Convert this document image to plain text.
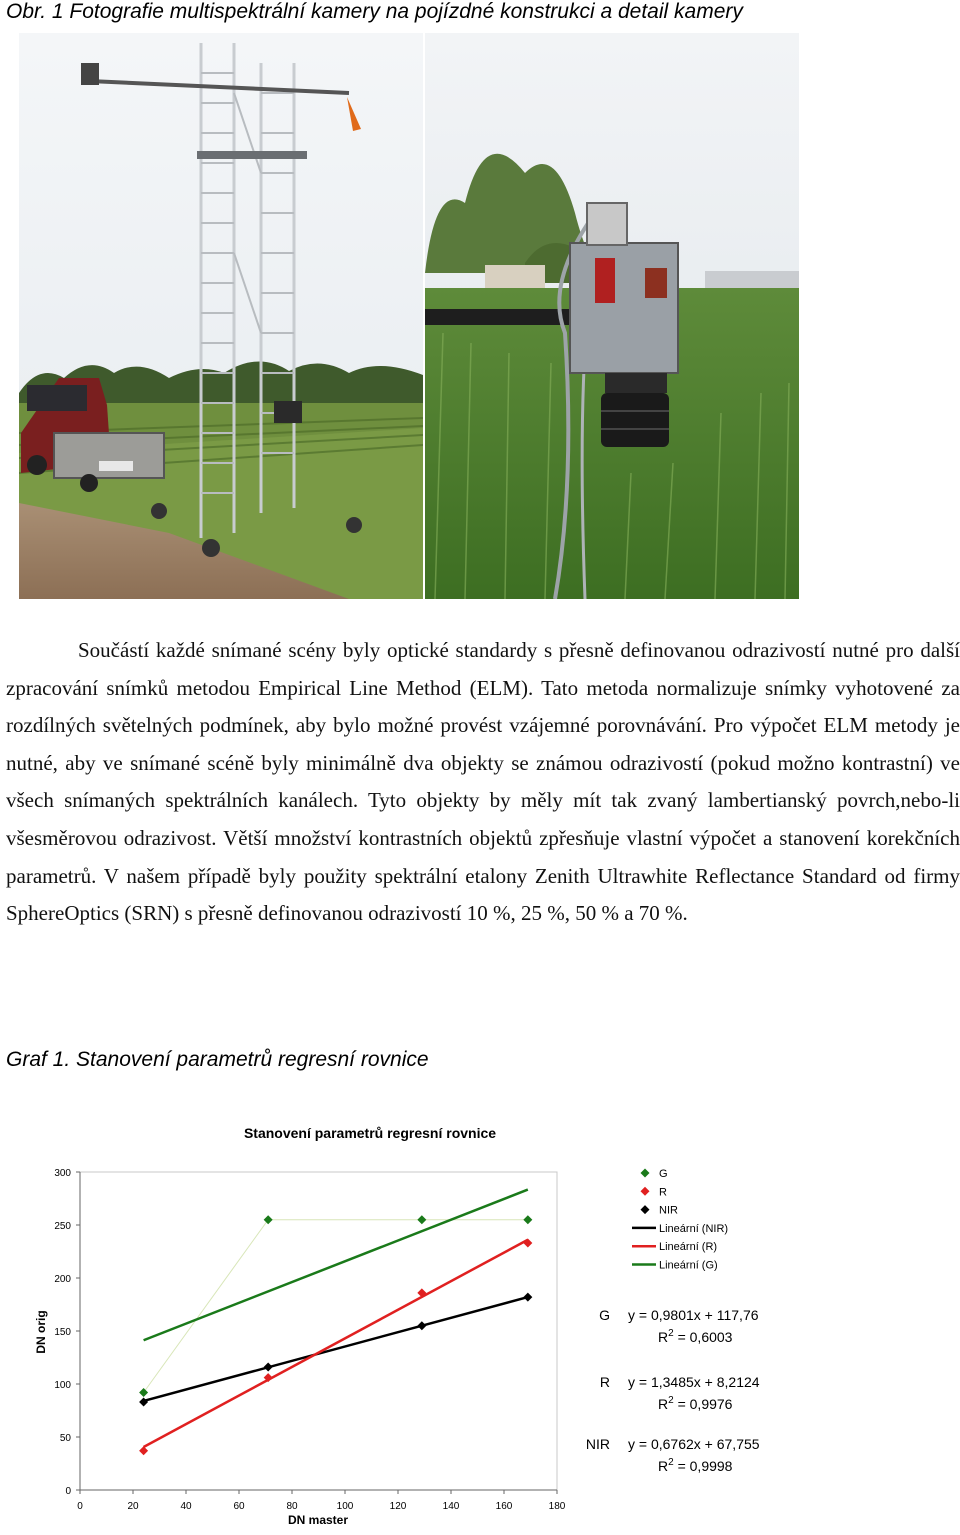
Obr. 1 Fotografie multispektrální kamery na pojízdné konstrukci a detail kamery
Součástí každé snímané scény byly optické standardy s přesně definovanou odrazivostí nutné pro další zpracování snímků metodou Empirical Line Method (ELM). Tato metoda normalizuje snímky vyhotovené za rozdílných světelných podmínek, aby bylo možné provést vzájemné porovnávání. Pro výpočet ELM metody je nutné, aby ve snímané scéně byly minimálně dva objekty se známou odrazivostí (pokud možno kontrastní) ve všech snímaných spektrálních kanálech. Tyto objekty by měly mít tak zvaný lambertianský povrch,nebo-li všesměrovou odrazivost. Větší množství kontrastních objektů zpřesňuje vlastní výpočet a stanovení korekčních parametrů. V našem případě byly použity spektrální etalony Zenith Ultrawhite Reflectance Standard od firmy SphereOptics (SRN) s přesně definovanou odrazivostí 10 %, 25 %, 50 % a 70 %.
Graf 1. Stanovení parametrů regresní rovnice
Stanovení parametrů regresní rovnice
0
50
100
150
200
250
300
0	20	40	60	80	100	120	140	160	180
DN orig
DN master
G
R
NIR
Lineární (NIR)
Lineární (R)
Lineární (G)
G y = 0,9801x + 117,76
$R^2 = 0,6003$
R y = 1,3485x + 8,2124
$R^2 = 0,9976$
NIR y = 0,6762x + 67,755
$R^2 = 0,9998$
